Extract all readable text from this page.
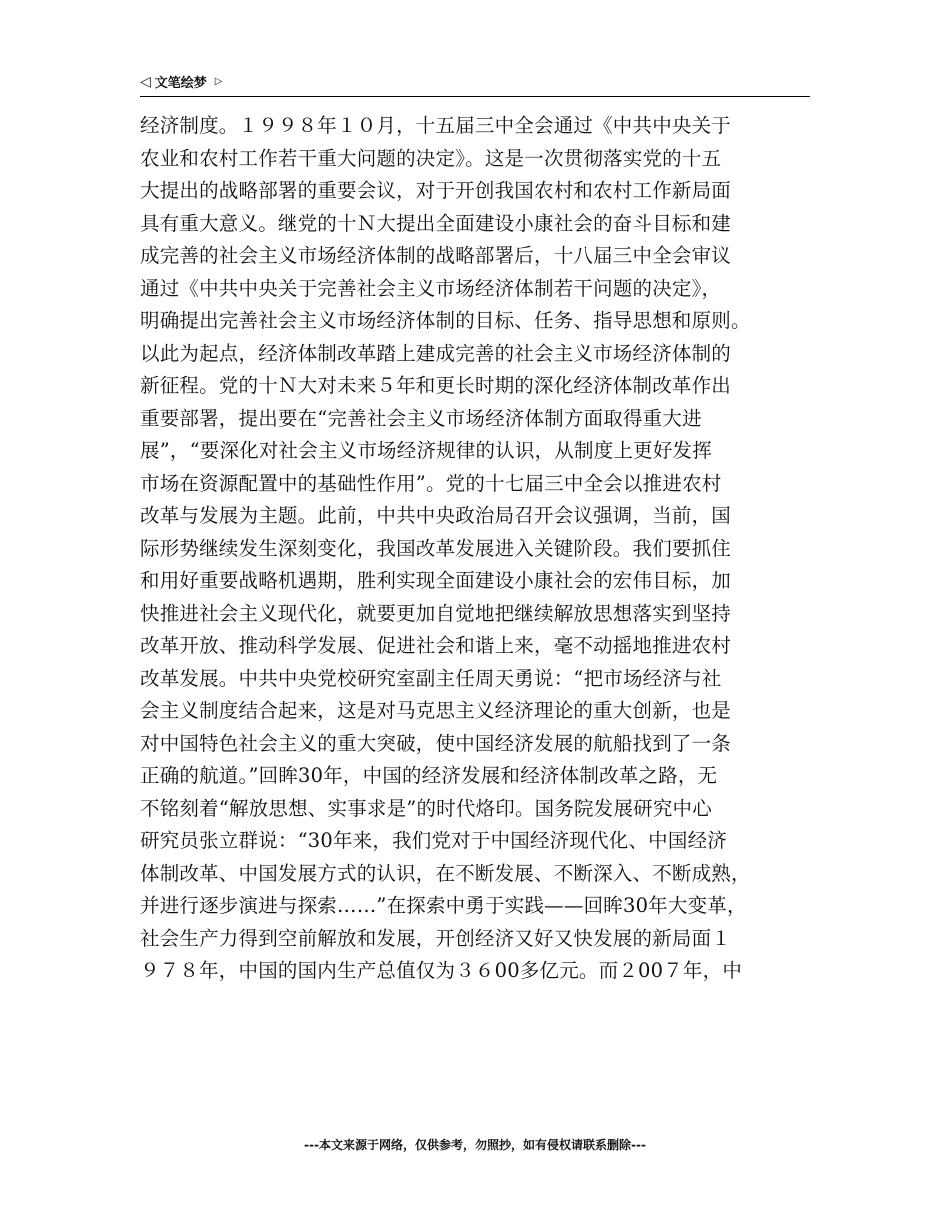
◁ 文笔绘梦 ▷
经济制度。１９９８年１０月，十五届三中全会通过《中共中央关于
农业和农村工作若干重大问题的决定》。这是一次贯彻落实党的十五
大提出的战略部署的重要会议，对于开创我国农村和农村工作新局面
具有重大意义。继党的十Ｎ大提出全面建设小康社会的奋斗目标和建
成完善的社会主义市场经济体制的战略部署后，十八届三中全会审议
通过《中共中央关于完善社会主义市场经济体制若干问题的决定》，
明确提出完善社会主义市场经济体制的目标、任务、指导思想和原则。
以此为起点，经济体制改革踏上建成完善的社会主义市场经济体制的
新征程。党的十Ｎ大对未来５年和更长时期的深化经济体制改革作出
重要部署，提出要在“完善社会主义市场经济体制方面取得重大进
展”，“要深化对社会主义市场经济规律的认识，从制度上更好发挥
市场在资源配置中的基础性作用”。党的十七届三中全会以推进农村
改革与发展为主题。此前，中共中央政治局召开会议强调，当前，国
际形势继续发生深刻变化，我国改革发展进入关键阶段。我们要抓住
和用好重要战略机遇期，胜利实现全面建设小康社会的宏伟目标，加
快推进社会主义现代化，就要更加自觉地把继续解放思想落实到坚持
改革开放、推动科学发展、促进社会和谐上来，毫不动摇地推进农村
改革发展。中共中央党校研究室副主任周天勇说：“把市场经济与社
会主义制度结合起来，这是对马克思主义经济理论的重大创新，也是
对中国特色社会主义的重大突破，使中国经济发展的航船找到了一条
正确的航道。”回眸30年，中国的经济发展和经济体制改革之路，无
不铭刻着“解放思想、实事求是”的时代烙印。国务院发展研究中心
研究员张立群说：“30年来，我们党对于中国经济现代化、中国经济
体制改革、中国发展方式的认识，在不断发展、不断深入、不断成熟，
并进行逐步演进与探索……”在探索中勇于实践——回眸30年大变革，
社会生产力得到空前解放和发展，开创经济又好又快发展的新局面１
９７８年，中国的国内生产总值仅为３６00多亿元。而２00７年，中
---本文来源于网络，仅供参考，勿照抄，如有侵权请联系删除---
